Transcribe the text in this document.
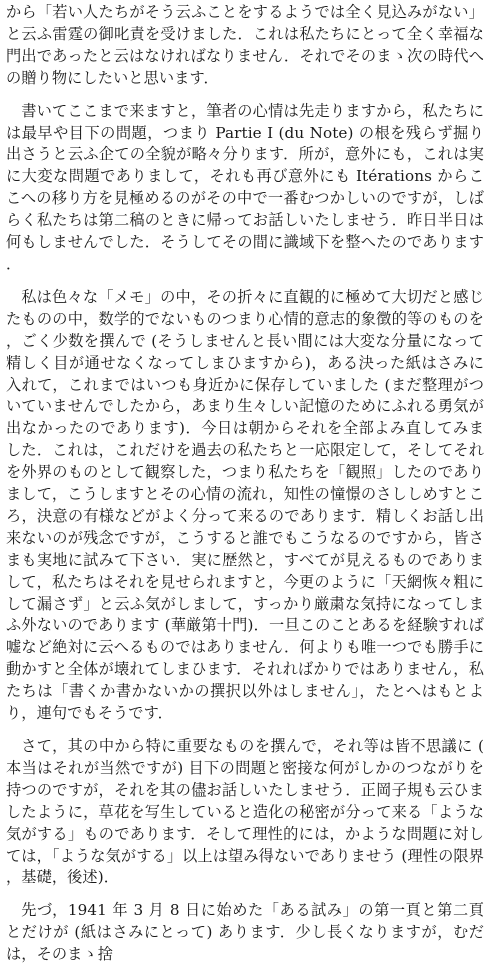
から「若い人たちがそう云ふことをするようでは全く見込みがない」と云ふ雷霆の御叱責を受けました．これは私たちにとって全く幸福な門出であったと云はなければなりません．それでそのまゝ次の時代への贈り物にしたいと思います．

書いてここまで来ますと，筆者の心情は先走りますから，私たちには最早や目下の問題，つまり Partie I (du Note) の根を残らず掘り出さうと云ふ企ての全貌が略々分ります．所が，意外にも，これは実に大変な問題でありまして，それも再び意外にも Itérations からここへの移り方を見極めるのがその中で一番むつかしいのですが，しばらく私たちは第二稿のときに帰ってお話しいたしませう．昨日半日は何もしませんでした．そうしてその間に識域下を整へたのであります．

私は色々な「メモ」の中，その折々に直観的に極めて大切だと感じたものの中，数学的でないものつまり心情的意志的象徴的等のものを，ごく少数を撰んで (そうしませんと長い間には大変な分量になって精しく目が通せなくなってしまひますから)，ある決った紙はさみに入れて，これまではいつも身近かに保存していました (まだ整理がついていませんでしたから，あまり生々しい記憶のためにふれる勇気が出なかったのであります)．今日は朝からそれを全部よみ直してみました．これは，これだけを過去の私たちと一応限定して，そしてそれを外界のものとして観察した，つまり私たちを「観照」したのでありまして，こうしますとその心情の流れ，知性の憧憬のさししめすところ，決意の有様などがよく分って来るのであります．精しくお話し出来ないのが残念ですが，こうすると誰でもこうなるのですから，皆さまも実地に試みて下さい．実に歴然と，すべてが見えるものでありまして，私たちはそれを見せられますと，今更のように「天網恢々粗にして漏さず」と云ふ気がしまして，すっかり厳粛な気持になってしまふ外ないのであります (華厳第十門)．一旦このことあるを経験すれば嘘など絶対に云へるものではありません．何よりも唯一つでも勝手に動かすと全体が壊れてしまひます．それればかりではありません，私たちは「書くか書かないかの撰択以外はしません」，たとへはもとより，連句でもそうです．

さて，其の中から特に重要なものを撰んで，それ等は皆不思議に (本当はそれが当然ですが) 目下の問題と密接な何がしかのつながりを持つのですが，それを其の儘お話しいたしませう．正岡子規も云ひましたように，草花を写生していると造化の秘密が分って来る「ような気がする」ものであります．そして理性的には，かような問題に対しては，「ような気がする」以上は望み得ないでありませう (理性の限界，基礎，後述)．

先づ，1941 年 3 月 8 日に始めた「ある試み」の第一頁と第二頁とだけが (紙はさみにとって) あります．少し長くなりますが，むだは，そのまゝ捨
